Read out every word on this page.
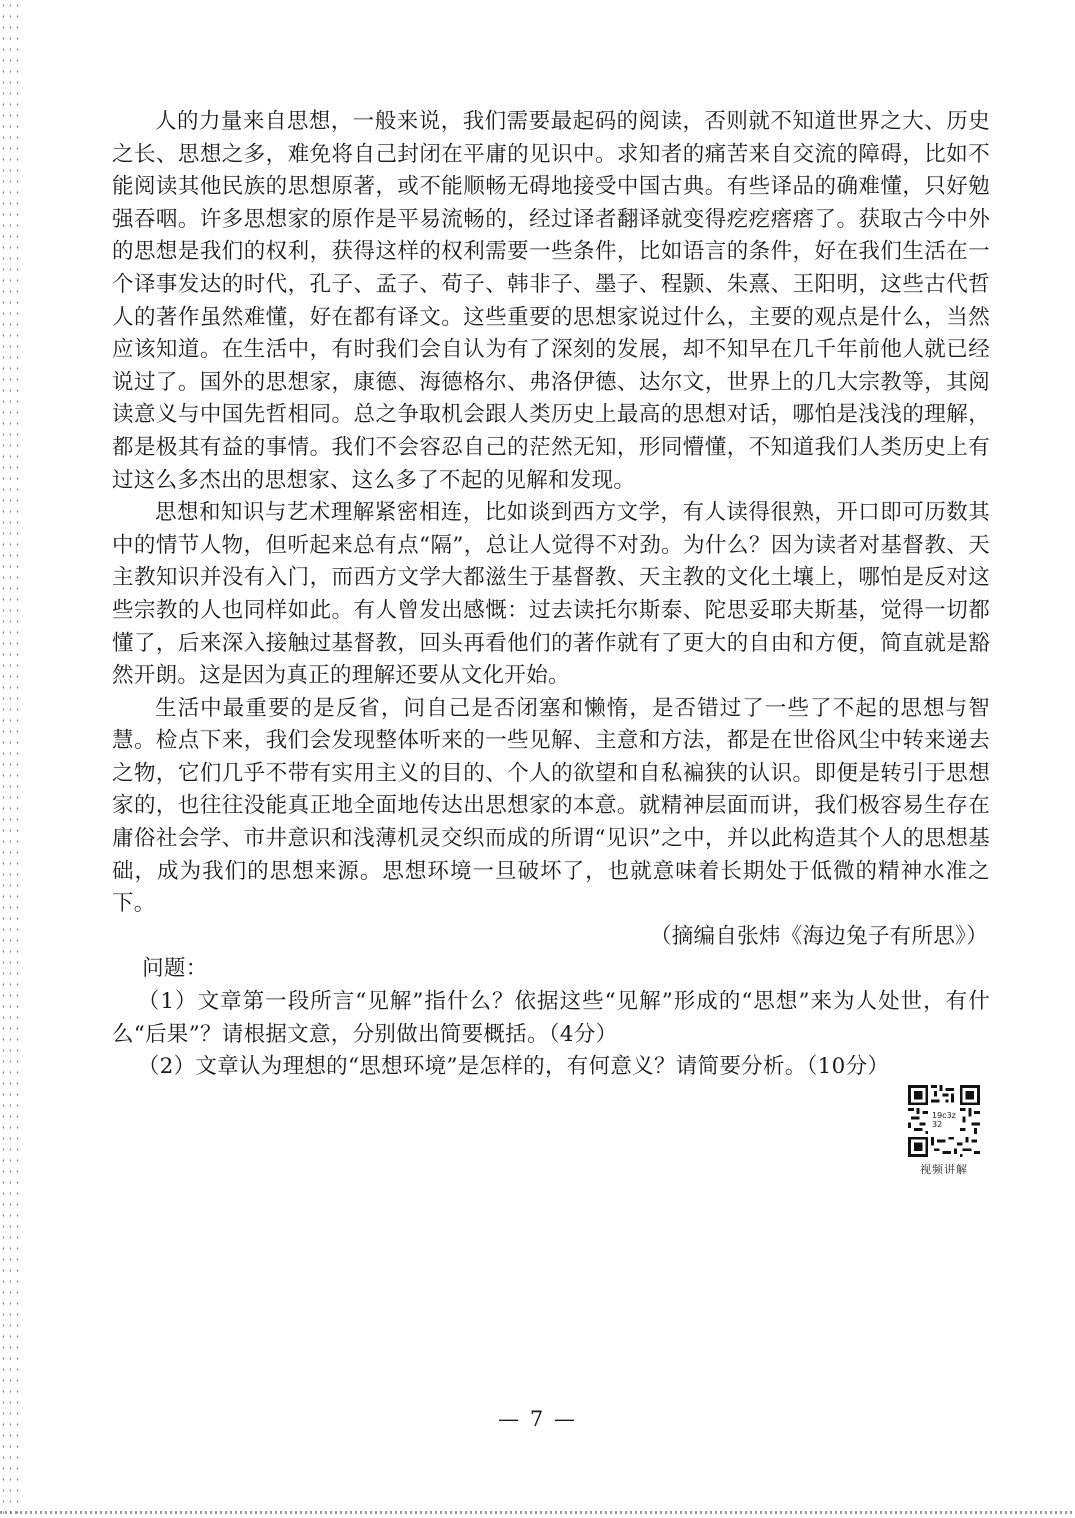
人的力量来自思想，一般来说，我们需要最起码的阅读，否则就不知道世界之大、历史之长、思想之多，难免将自己封闭在平庸的见识中。求知者的痛苦来自交流的障碍，比如不能阅读其他民族的思想原著，或不能顺畅无碍地接受中国古典。有些译品的确难懂，只好勉强吞咽。许多思想家的原作是平易流畅的，经过译者翻译就变得疙疙瘩瘩了。获取古今中外的思想是我们的权利，获得这样的权利需要一些条件，比如语言的条件，好在我们生活在一个译事发达的时代，孔子、孟子、荀子、韩非子、墨子、程颢、朱熹、王阳明，这些古代哲人的著作虽然难懂，好在都有译文。这些重要的思想家说过什么，主要的观点是什么，当然应该知道。在生活中，有时我们会自认为有了深刻的发展，却不知早在几千年前他人就已经说过了。国外的思想家，康德、海德格尔、弗洛伊德、达尔文，世界上的几大宗教等，其阅读意义与中国先哲相同。总之争取机会跟人类历史上最高的思想对话，哪怕是浅浅的理解，都是极其有益的事情。我们不会容忍自己的茫然无知，形同懵懂，不知道我们人类历史上有过这么多杰出的思想家、这么多了不起的见解和发现。

思想和知识与艺术理解紧密相连，比如谈到西方文学，有人读得很熟，开口即可历数其中的情节人物，但听起来总有点“隔”，总让人觉得不对劲。为什么？因为读者对基督教、天主教知识并没有入门，而西方文学大都滋生于基督教、天主教的文化土壤上，哪怕是反对这些宗教的人也同样如此。有人曾发出感慨：过去读托尔斯泰、陀思妥耶夫斯基，觉得一切都懂了，后来深入接触过基督教，回头再看他们的著作就有了更大的自由和方便，简直就是豁然开朗。这是因为真正的理解还要从文化开始。

生活中最重要的是反省，问自己是否闭塞和懒惰，是否错过了一些了不起的思想与智慧。检点下来，我们会发现整体听来的一些见解、主意和方法，都是在世俗风尘中转来递去之物，它们几乎不带有实用主义的目的、个人的欲望和自私褊狭的认识。即便是转引于思想家的，也往往没能真正地全面地传达出思想家的本意。就精神层面而讲，我们极容易生存在庸俗社会学、市井意识和浅薄机灵交织而成的所谓“见识”之中，并以此构造其个人的思想基础，成为我们的思想来源。思想环境一旦破坏了，也就意味着长期处于低微的精神水准之下。

（摘编自张炜《海边兔子有所思》）

问题：

（1）文章第一段所言“见解”指什么？依据这些“见解”形成的“思想”来为人处世，有什么“后果”？请根据文意，分别做出简要概括。（4分）

（2）文章认为理想的“思想环境”是怎样的，有何意义？请简要分析。（10分）

19c3z
32
视频讲解
— 7 —
